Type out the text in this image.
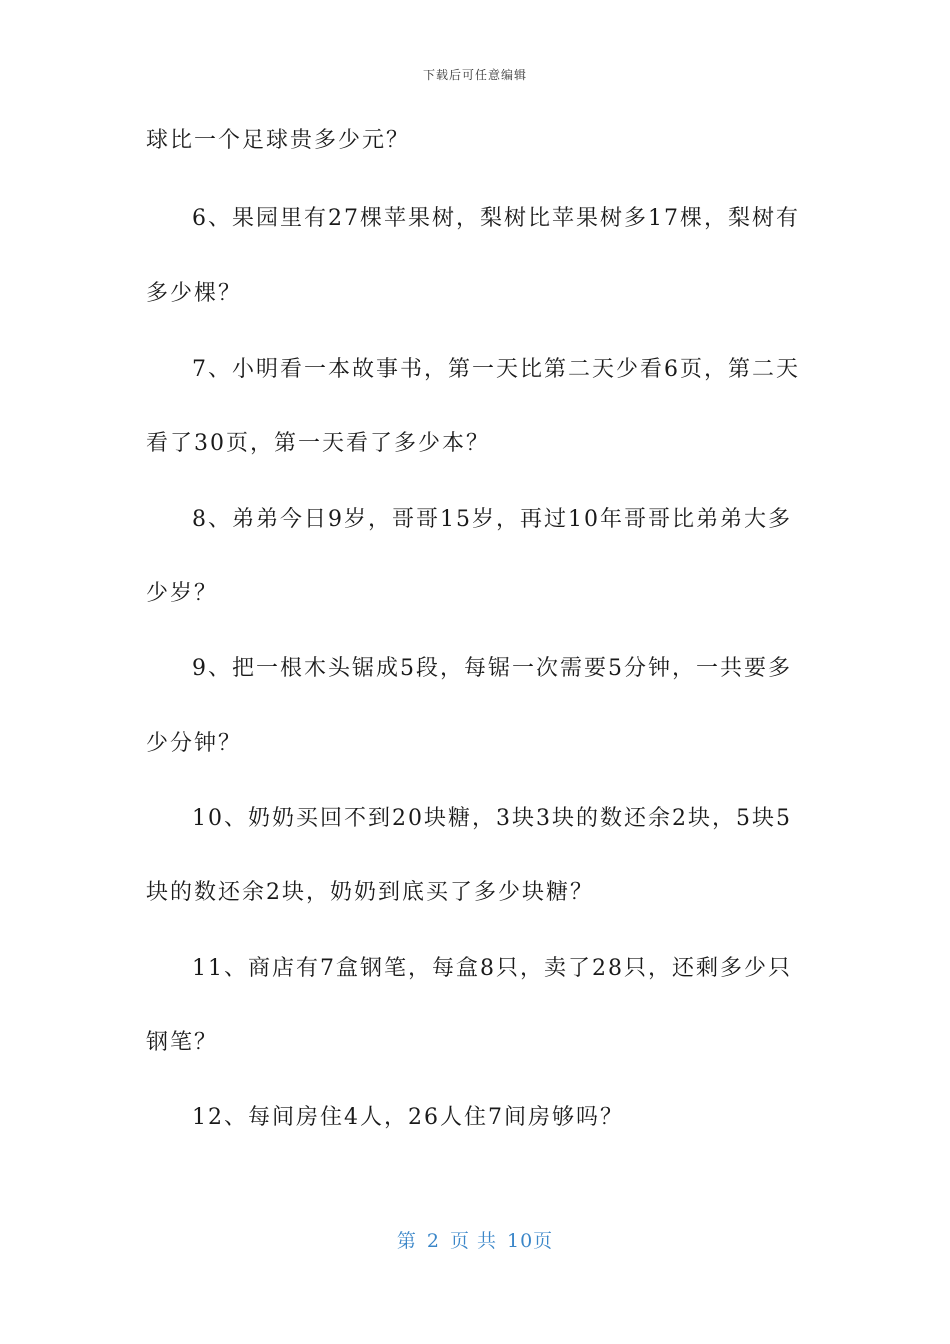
下载后可任意编辑
球比一个足球贵多少元？
6、果园里有27棵苹果树，梨树比苹果树多17棵，梨树有
多少棵？
7、小明看一本故事书，第一天比第二天少看6页，第二天
看了30页，第一天看了多少本？
8、弟弟今日9岁，哥哥15岁，再过10年哥哥比弟弟大多
少岁？
9、把一根木头锯成5段，每锯一次需要5分钟，一共要多
少分钟？
10、奶奶买回不到20块糖，3块3块的数还余2块，5块5
块的数还余2块，奶奶到底买了多少块糖？
11、商店有7盒钢笔，每盒8只，卖了28只，还剩多少只
钢笔？
12、每间房住4人，26人住7间房够吗？
第 2 页 共 10页
